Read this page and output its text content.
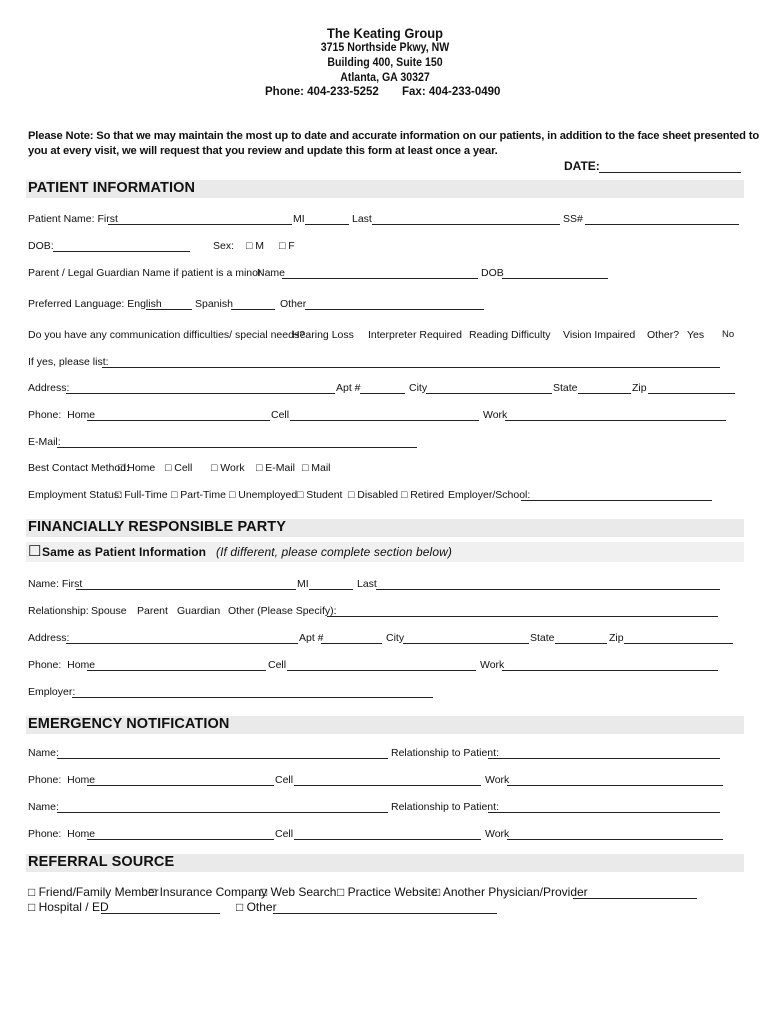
The Keating Group
3715 Northside Pkwy, NW
Building 400, Suite 150
Atlanta, GA 30327
Phone: 404-233-5252 Fax: 404-233-0490
Please Note: So that we may maintain the most up to date and accurate information on our patients, in addition to the face sheet presented to
you at every visit, we will request that you review and update this form at least once a year.
DATE:
PATIENT INFORMATION
Patient Name: First	MI	Last	SS#
DOB:	Sex: □ M □ F
Parent / Legal Guardian Name if patient is a minor
Name	DOB
Preferred Language: English	Spanish	Other
Do you have any communication difficulties/ special needs?
Hearing Loss Interpreter Required Reading Difficulty Vision Impaired Other? Yes No
If yes, please list:
Address:	Apt #	City	State	Zip
Phone:  Home	Cell	Work
E-Mail:
Best Contact Method:
□ Home □ Cell □ Work □ E-Mail □ Mail
Employment Status:
□ Full-Time □ Part-Time □ Unemployed □ Student □ Disabled □ Retired Employer/School:
FINANCIALLY RESPONSIBLE PARTY
☐ Same as Patient Information (If different, please complete section below)
Name: First	MI	Last
Relationship: Spouse Parent Guardian Other (Please Specify):
Address:	Apt #	City	State	Zip
Phone:  Home	Cell	Work
Employer:
EMERGENCY NOTIFICATION
Name:	Relationship to Patient:
Phone:  Home	Cell	Work
Name:	Relationship to Patient:
Phone:  Home	Cell	Work
REFERRAL SOURCE
□ Friend/Family Member
□ Insurance Company
□ Web Search □ Practice Website
□ Another Physician/Provider
□ Hospital / ED	□ Other
